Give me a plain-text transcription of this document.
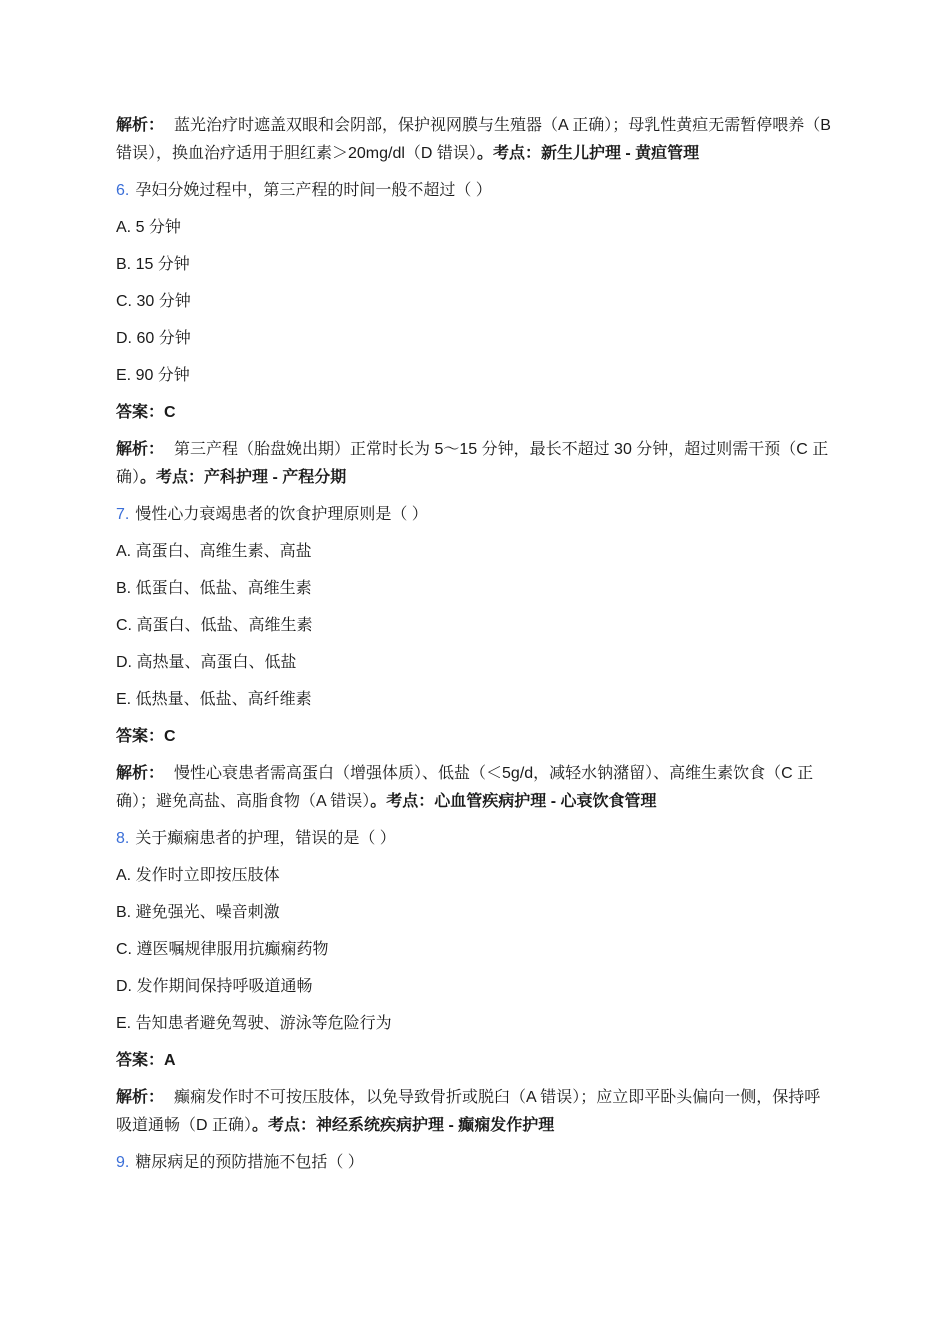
解析： 蓝光治疗时遮盖双眼和会阴部，保护视网膜与生殖器（A 正确）；母乳性黄疸无需暂停喂养（B 错误），换血治疗适用于胆红素＞20mg/dl（D 错误）。考点：新生儿护理 - 黄疸管理

6. 孕妇分娩过程中，第三产程的时间一般不超过（ ）

A. 5 分钟

B. 15 分钟

C. 30 分钟

D. 60 分钟

E. 90 分钟

答案：C

解析： 第三产程（胎盘娩出期）正常时长为 5～15 分钟，最长不超过 30 分钟，超过则需干预（C 正确）。考点：产科护理 - 产程分期

7. 慢性心力衰竭患者的饮食护理原则是（ ）

A. 高蛋白、高维生素、高盐

B. 低蛋白、低盐、高维生素

C. 高蛋白、低盐、高维生素

D. 高热量、高蛋白、低盐

E. 低热量、低盐、高纤维素

答案：C

解析： 慢性心衰患者需高蛋白（增强体质）、低盐（＜5g/d，减轻水钠潴留）、高维生素饮食（C 正确）；避免高盐、高脂食物（A 错误）。考点：心血管疾病护理 - 心衰饮食管理

8. 关于癫痫患者的护理，错误的是（ ）

A. 发作时立即按压肢体

B. 避免强光、噪音刺激

C. 遵医嘱规律服用抗癫痫药物

D. 发作期间保持呼吸道通畅

E. 告知患者避免驾驶、游泳等危险行为

答案：A

解析： 癫痫发作时不可按压肢体，以免导致骨折或脱臼（A 错误）；应立即平卧头偏向一侧，保持呼吸道通畅（D 正确）。考点：神经系统疾病护理 - 癫痫发作护理

9. 糖尿病足的预防措施不包括（ ）
